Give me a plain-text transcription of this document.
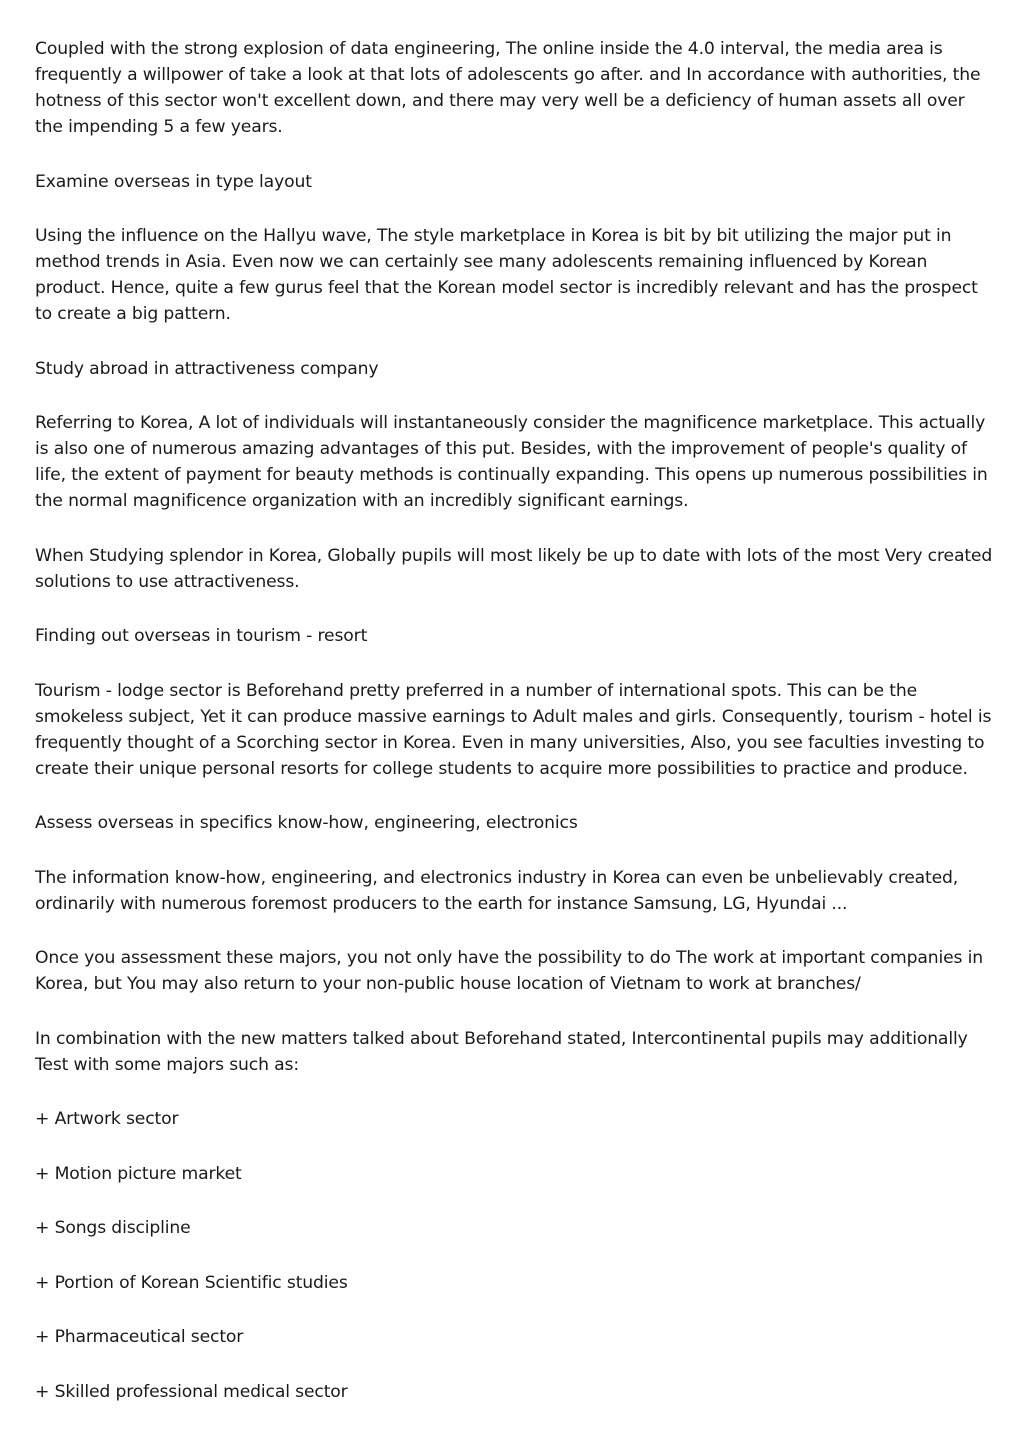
Coupled with the strong explosion of data engineering, The online inside the 4.0 interval, the media area is frequently a willpower of take a look at that lots of adolescents go after. and In accordance with authorities, the hotness of this sector won't excellent down, and there may very well be a deficiency of human assets all over the impending 5 a few years.

Examine overseas in type layout

Using the influence on the Hallyu wave, The style marketplace in Korea is bit by bit utilizing the major put in method trends in Asia. Even now we can certainly see many adolescents remaining influenced by Korean product. Hence, quite a few gurus feel that the Korean model sector is incredibly relevant and has the prospect to create a big pattern.

Study abroad in attractiveness company

Referring to Korea, A lot of individuals will instantaneously consider the magnificence marketplace. This actually is also one of numerous amazing advantages of this put. Besides, with the improvement of people's quality of life, the extent of payment for beauty methods is continually expanding. This opens up numerous possibilities in the normal magnificence organization with an incredibly significant earnings.

When Studying splendor in Korea, Globally pupils will most likely be up to date with lots of the most Very created solutions to use attractiveness.

Finding out overseas in tourism - resort

Tourism - lodge sector is Beforehand pretty preferred in a number of international spots. This can be the smokeless subject, Yet it can produce massive earnings to Adult males and girls. Consequently, tourism - hotel is frequently thought of a Scorching sector in Korea. Even in many universities, Also, you see faculties investing to create their unique personal resorts for college students to acquire more possibilities to practice and produce.

Assess overseas in specifics know-how, engineering, electronics

The information know-how, engineering, and electronics industry in Korea can even be unbelievably created, ordinarily with numerous foremost producers to the earth for instance Samsung, LG, Hyundai ...

Once you assessment these majors, you not only have the possibility to do The work at important companies in Korea, but You may also return to your non-public house location of Vietnam to work at branches/

In combination with the new matters talked about Beforehand stated, Intercontinental pupils may additionally Test with some majors such as:

+ Artwork sector

+ Motion picture market

+ Songs discipline

+ Portion of Korean Scientific studies

+ Pharmaceutical sector

+ Skilled professional medical sector
